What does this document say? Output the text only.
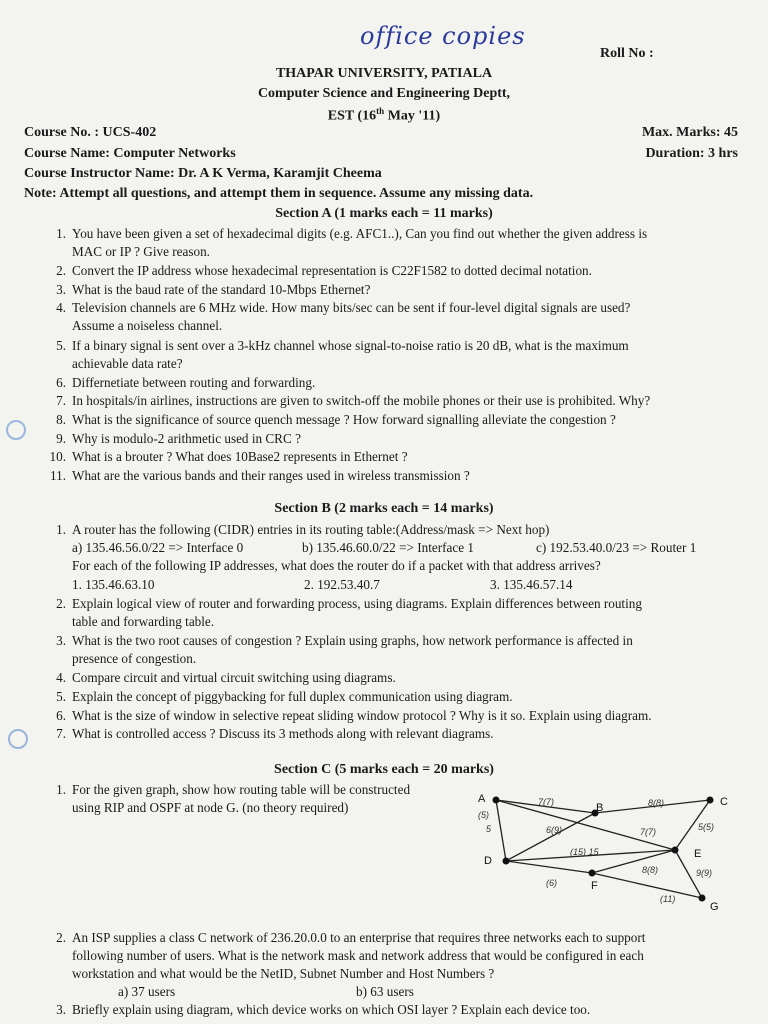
office copies
Roll No :
THAPAR UNIVERSITY, PATIALA
Computer Science and Engineering Deptt,
EST (16th May '11)
Course No. : UCS-402	Max. Marks: 45
Course Name: Computer Networks	Duration: 3 hrs
Course Instructor Name: Dr. A K Verma, Karamjit Cheema
Note: Attempt all questions, and attempt them in sequence. Assume any missing data.
Section A (1 marks each = 11 marks)
1. You have been given a set of hexadecimal digits (e.g. AFC1..), Can you find out whether the given address is
MAC or IP ? Give reason.
2. Convert the IP address whose hexadecimal representation is C22F1582 to dotted decimal notation.
3. What is the baud rate of the standard 10-Mbps Ethernet?
4. Television channels are 6 MHz wide. How many bits/sec can be sent if four-level digital signals are used?
Assume a noiseless channel.
5. If a binary signal is sent over a 3-kHz channel whose signal-to-noise ratio is 20 dB, what is the maximum
achievable data rate?
6. Differnetiate between routing and forwarding.
7. In hospitals/in airlines, instructions are given to switch-off the mobile phones or their use is prohibited. Why?
8. What is the significance of source quench message ? How forward signalling alleviate the congestion ?
9. Why is modulo-2 arithmetic used in CRC ?
10. What is a brouter ? What does 10Base2 represents in Ethernet ?
11. What are the various bands and their ranges used in wireless transmission ?
Section B (2 marks each = 14 marks)
1. A router has the following (CIDR) entries in its routing table:(Address/mask => Next hop)
a) 135.46.56.0/22 => Interface 0	b) 135.46.60.0/22 => Interface 1	c) 192.53.40.0/23 => Router 1
For each of the following IP addresses, what does the router do if a packet with that address arrives?
1. 135.46.63.10	2. 192.53.40.7	3. 135.46.57.14
2. Explain logical view of router and forwarding process, using diagrams. Explain differences between routing
table and forwarding table.
3. What is the two root causes of congestion ? Explain using graphs, how network performance is affected in
presence of congestion.
4. Compare circuit and virtual circuit switching using diagrams.
5. Explain the concept of piggybacking for full duplex communication using diagram.
6. What is the size of window in selective repeat sliding window protocol ? Why is it so. Explain using diagram.
7. What is controlled access ? Discuss its 3 methods along with relevant diagrams.
Section C (5 marks each = 20 marks)
1. For the given graph, show how routing table will be constructed
using RIP and OSPF at node G. (no theory required)
A
B	C
D
E
F
G
7(7)	8(8)
(5)
5	6(9)	5(5)
7(7)
(15) 15
8(8)	9(9)
(6)
(11)
2. An ISP supplies a class C network of 236.20.0.0 to an enterprise that requires three networks each to support
following number of users. What is the network mask and network address that would be configured in each
workstation and what would be the NetID, Subnet Number and Host Numbers ?
a) 37 users	b) 63 users
3. Briefly explain using diagram, which device works on which OSI layer ? Explain each device too.
